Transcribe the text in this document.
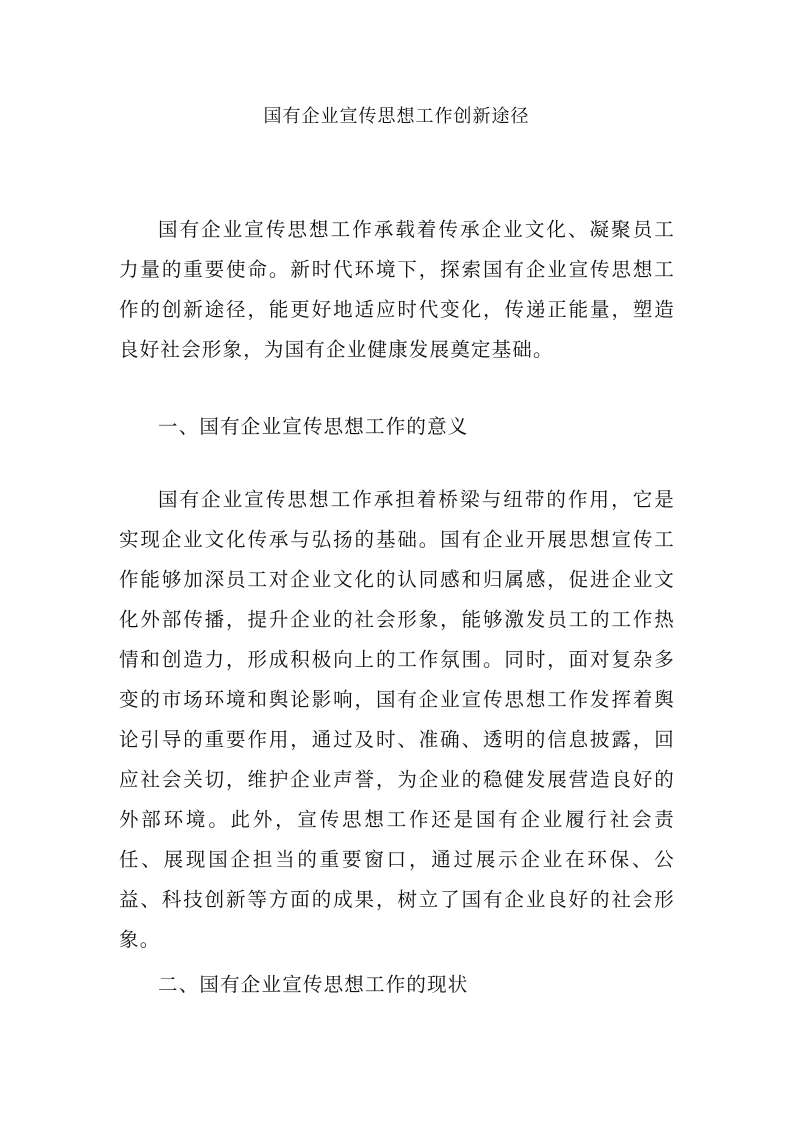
国有企业宣传思想工作创新途径

国有企业宣传思想工作承载着传承企业文化、凝聚员工力量的重要使命。新时代环境下，探索国有企业宣传思想工作的创新途径，能更好地适应时代变化，传递正能量，塑造良好社会形象，为国有企业健康发展奠定基础。

一、国有企业宣传思想工作的意义

国有企业宣传思想工作承担着桥梁与纽带的作用，它是实现企业文化传承与弘扬的基础。国有企业开展思想宣传工作能够加深员工对企业文化的认同感和归属感，促进企业文化外部传播，提升企业的社会形象，能够激发员工的工作热情和创造力，形成积极向上的工作氛围。同时，面对复杂多变的市场环境和舆论影响，国有企业宣传思想工作发挥着舆论引导的重要作用，通过及时、准确、透明的信息披露，回应社会关切，维护企业声誉，为企业的稳健发展营造良好的外部环境。此外，宣传思想工作还是国有企业履行社会责任、展现国企担当的重要窗口，通过展示企业在环保、公益、科技创新等方面的成果，树立了国有企业良好的社会形象。

二、国有企业宣传思想工作的现状
